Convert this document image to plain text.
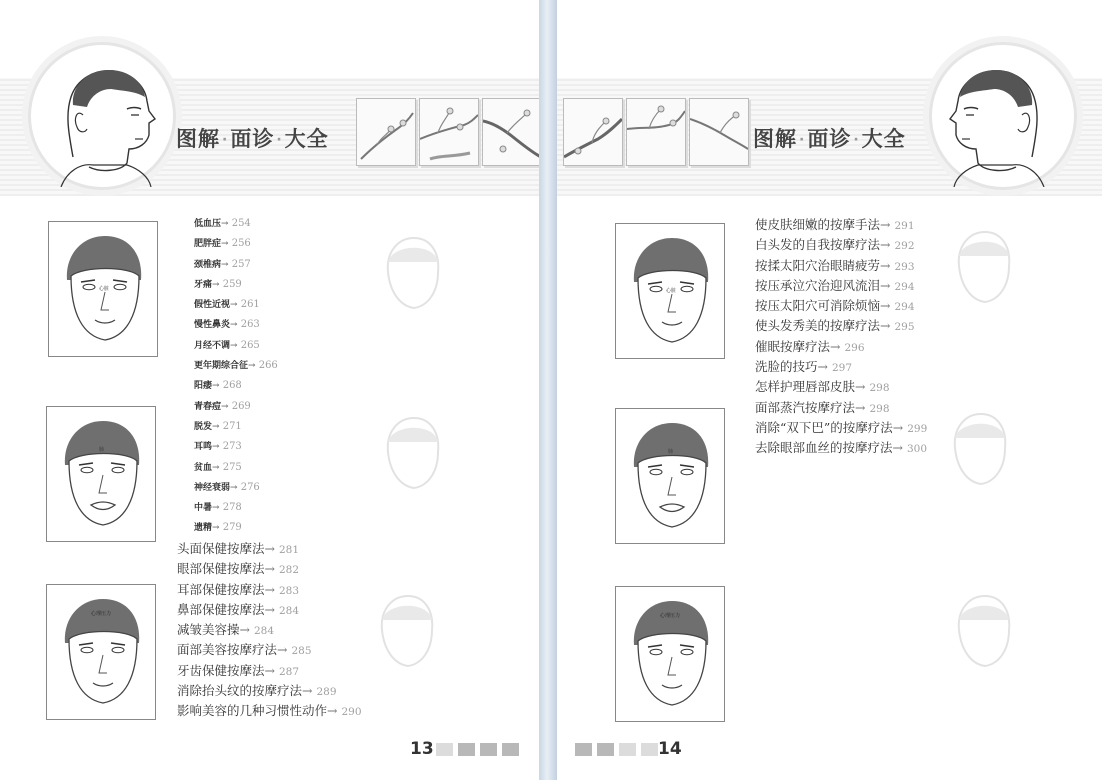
图解 ·面诊 ·大全
心脏
肺
心理压力
低血压→ 254
肥胖症→ 256
颈椎病→ 257
牙痛→ 259
假性近视→ 261
慢性鼻炎→ 263
月经不调→ 265
更年期综合征→ 266
阳痿→ 268
青春痘→ 269
脱发→ 271
耳鸣→ 273
贫血→ 275
神经衰弱→ 276
中暑→ 278
遗精→ 279
头面保健按摩法→ 281
眼部保健按摩法→ 282
耳部保健按摩法→ 283
鼻部保健按摩法→ 284
减皱美容操→ 284
面部美容按摩疗法→ 285
牙齿保健按摩法→ 287
消除抬头纹的按摩疗法→ 289
影响美容的几种习惯性动作→ 290
13
图解 ·面诊 ·大全
心脏
肺
心理压力
使皮肤细嫩的按摩手法→ 291
白头发的自我按摩疗法→ 292
按揉太阳穴治眼睛疲劳→ 293
按压承泣穴治迎风流泪→ 294
按压太阳穴可消除烦恼→ 294
使头发秀美的按摩疗法→ 295
催眠按摩疗法→ 296
洗脸的技巧→ 297
怎样护理唇部皮肤→ 298
面部蒸汽按摩疗法→ 298
消除“双下巴”的按摩疗法→ 299
去除眼部血丝的按摩疗法→ 300
14
